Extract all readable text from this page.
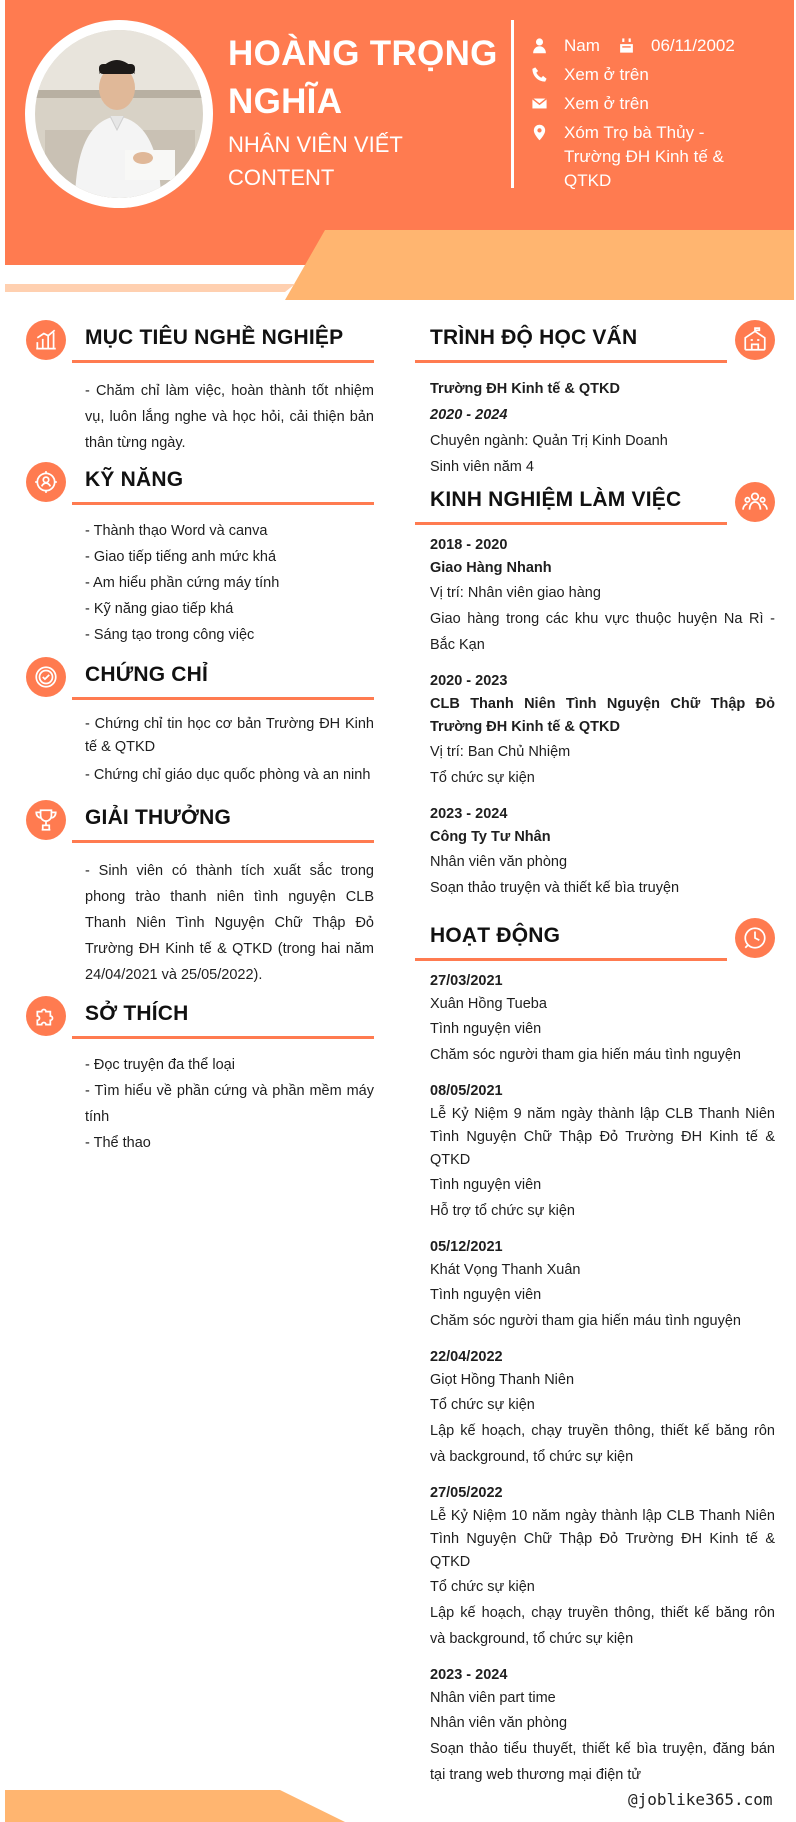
HOÀNG TRỌNG NGHĨA
NHÂN VIÊN VIẾT CONTENT
Nam	06/11/2002
Xem ở trên
Xem ở trên
Xóm Trọ bà Thủy - Trường ĐH Kinh tế & QTKD
MỤC TIÊU NGHỀ NGHIỆP
- Chăm chỉ làm việc, hoàn thành tốt nhiệm vụ, luôn lắng nghe và học hỏi, cải thiện bản thân từng ngày.
KỸ NĂNG
- Thành thạo Word và canva
- Giao tiếp tiếng anh mức khá
- Am hiểu phần cứng máy tính
- Kỹ năng giao tiếp khá
- Sáng tạo trong công việc
CHỨNG CHỈ
- Chứng chỉ tin học cơ bản Trường ĐH Kinh tế & QTKD
- Chứng chỉ giáo dục quốc phòng và an ninh
GIẢI THƯỞNG
- Sinh viên có thành tích xuất sắc trong phong trào thanh niên tình nguyện CLB Thanh Niên Tình Nguyện Chữ Thập Đỏ Trường ĐH Kinh tế & QTKD (trong hai năm 24/04/2021 và 25/05/2022).
SỞ THÍCH
- Đọc truyện đa thể loại
- Tìm hiểu về phần cứng và phần mềm máy tính
- Thể thao
TRÌNH ĐỘ HỌC VẤN
Trường ĐH Kinh tế & QTKD
2020 - 2024
Chuyên ngành: Quản Trị Kinh Doanh
Sinh viên năm 4
KINH NGHIỆM LÀM VIỆC
2018 - 2020
Giao Hàng Nhanh
Vị trí: Nhân viên giao hàng
Giao hàng trong các khu vực thuộc huyện Na Rì - Bắc Kạn
2020 - 2023
CLB Thanh Niên Tình Nguyện Chữ Thập Đỏ Trường ĐH Kinh tế & QTKD
Vị trí: Ban Chủ Nhiệm
Tổ chức sự kiện
2023 - 2024
Công Ty Tư Nhân
Nhân viên văn phòng
Soạn thảo truyện và thiết kế bìa truyện
HOẠT ĐỘNG
27/03/2021
Xuân Hồng Tueba
Tình nguyện viên
Chăm sóc người tham gia hiến máu tình nguyện
08/05/2021
Lễ Kỷ Niệm 9 năm ngày thành lập CLB Thanh Niên Tình Nguyện Chữ Thập Đỏ Trường ĐH Kinh tế & QTKD
Tình nguyện viên
Hỗ trợ tổ chức sự kiện
05/12/2021
Khát Vọng Thanh Xuân
Tình nguyện viên
Chăm sóc người tham gia hiến máu tình nguyện
22/04/2022
Giọt Hồng Thanh Niên
Tổ chức sự kiện
Lập kế hoạch, chạy truyền thông, thiết kế băng rôn và background, tổ chức sự kiện
27/05/2022
Lễ Kỷ Niệm 10 năm ngày thành lập CLB Thanh Niên Tình Nguyện Chữ Thập Đỏ Trường ĐH Kinh tế & QTKD
Tổ chức sự kiện
Lập kế hoạch, chạy truyền thông, thiết kế băng rôn và background, tổ chức sự kiện
2023 - 2024
Nhân viên part time
Nhân viên văn phòng
Soạn thảo tiểu thuyết, thiết kế bìa truyện, đăng bán tại trang web thương mại điện tử
@joblike365.com
